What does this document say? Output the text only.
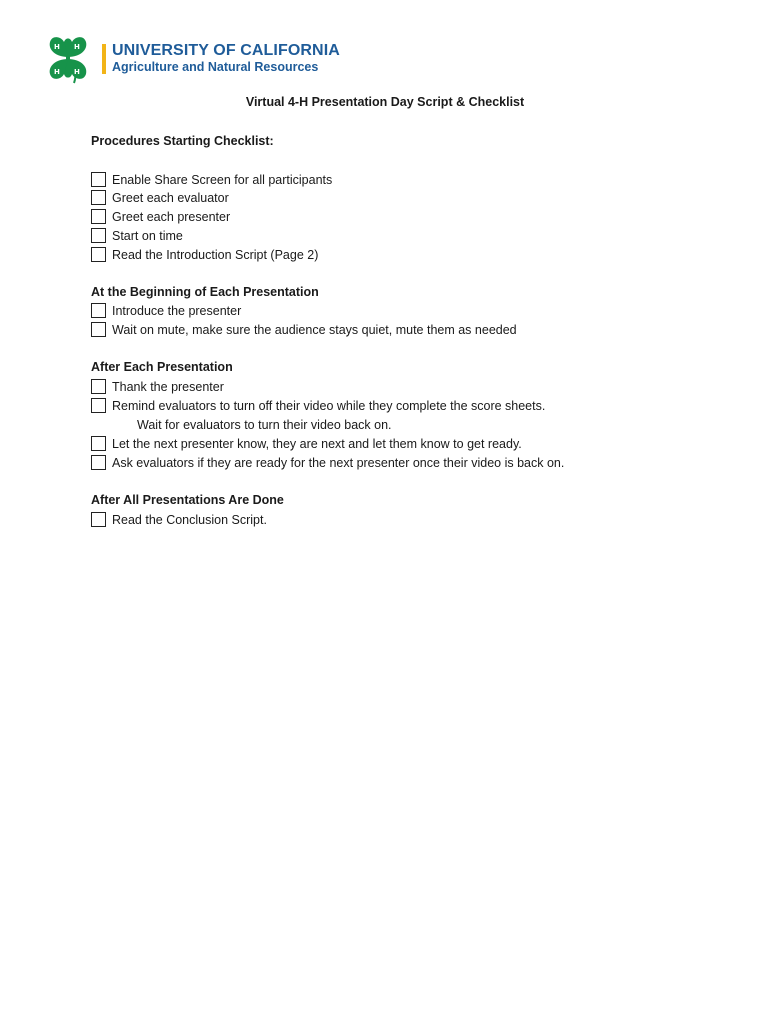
H H
H H
UNIVERSITY OF CALIFORNIA
Agriculture and Natural Resources
Virtual 4-H Presentation Day Script & Checklist
Procedures Starting Checklist:
Enable Share Screen for all participants
Greet each evaluator
Greet each presenter
Start on time
Read the Introduction Script (Page 2)
At the Beginning of Each Presentation
Introduce the presenter
Wait on mute, make sure the audience stays quiet, mute them as needed
After Each Presentation
Thank the presenter
Remind evaluators to turn off their video while they complete the score sheets.
Wait for evaluators to turn their video back on.
Let the next presenter know, they are next and let them know to get ready.
Ask evaluators if they are ready for the next presenter once their video is back on.
After All Presentations Are Done
Read the Conclusion Script.
